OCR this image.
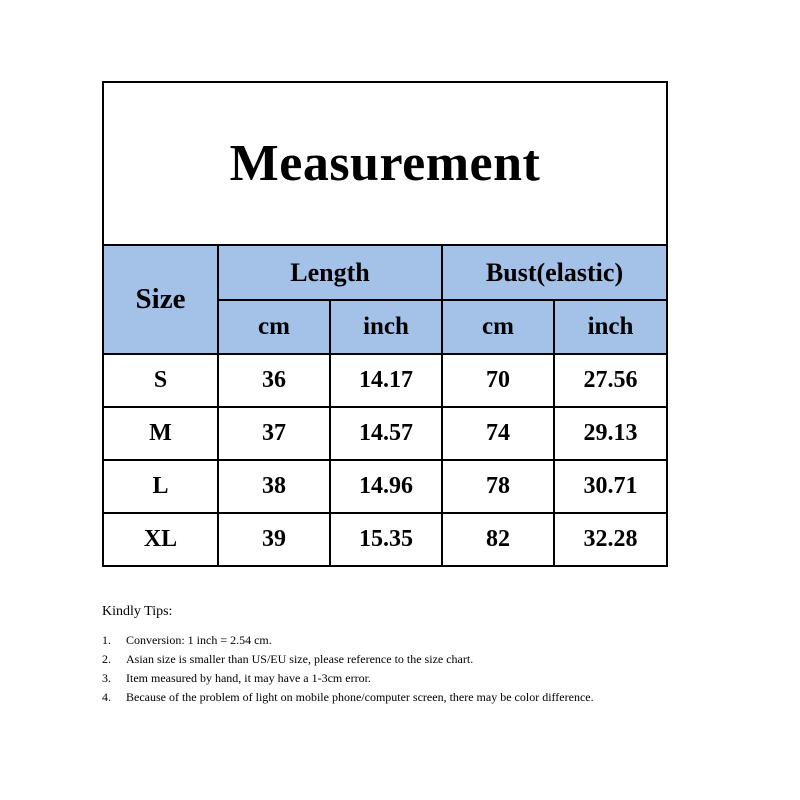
Measurement
Size	Length		Bust(elastic)	
	cm	inch	cm	inch
S	36	14.17	70	27.56
M	37	14.57	74	29.13
L	38	14.96	78	30.71
XL	39	15.35	82	32.28
Kindly Tips:
1.	Conversion: 1 inch = 2.54 cm.
2.	Asian size is smaller than US/EU size, please reference to the size chart.
3.	Item measured by hand, it may have a 1-3cm error.
4.	Because of the problem of light on mobile phone/computer screen, there may be color difference.
